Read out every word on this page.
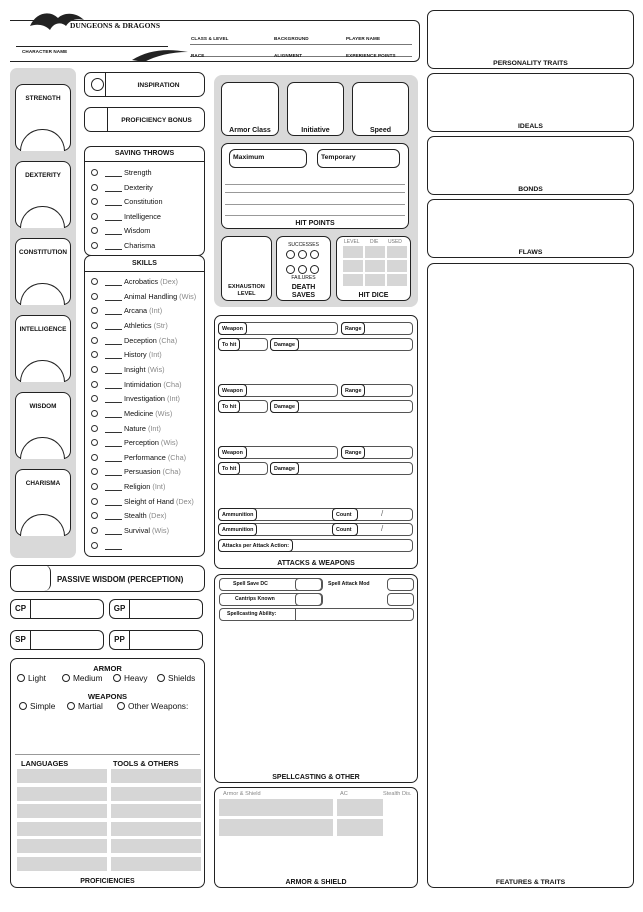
DUNGEONS & DRAGONS
CHARACTER NAME
CLASS & LEVEL	BACKGROUND	PLAYER NAME
RACE	ALIGNMENT	EXPERIENCE POINTS
STRENGTH
DEXTERITY
CONSTITUTION
INTELLIGENCE
WISDOM
CHARISMA
INSPIRATION
PROFICIENCY BONUS
SAVING THROWS
Strength
Dexterity
Constitution
Intelligence
Wisdom
Charisma
SKILLS
Acrobatics (Dex)
Animal Handling (Wis)
Arcana (Int)
Athletics (Str)
Deception (Cha)
History (Int)
Insight (Wis)
Intimidation (Cha)
Investigation (Int)
Medicine (Wis)
Nature (Int)
Perception (Wis)
Performance (Cha)
Persuasion (Cha)
Religion (Int)
Sleight of Hand (Dex)
Stealth (Dex)
Survival (Wis)
PASSIVE WISDOM (PERCEPTION)
CP	GP
SP	PP
ARMOR
Light	Medium	Heavy	Shields
WEAPONS
Simple	Martial	Other Weapons:
LANGUAGES	TOOLS & OTHERS
PROFICIENCIES
Armor Class	Initiative	Speed
Maximum	Temporary
HIT POINTS
EXHAUSTION LEVEL
SUCCESSES
FAILURES
DEATH SAVES
LEVEL DIE USED
HIT DICE
Weapon	Range
To hit	Damage
Weapon	Range
To hit	Damage
Weapon	Range
To hit	Damage
Ammunition	Count	/
Ammunition	Count	/
Attacks per Attack Action:
ATTACKS & WEAPONS
Spell Save DC	Spell Attack Mod
Cantrips Known
Spellcasting Ability:
SPELLCASTING & OTHER
Armor & Shield	AC	Stealth Dis.
ARMOR & SHIELD
PERSONALITY TRAITS
IDEALS
BONDS
FLAWS
FEATURES & TRAITS
